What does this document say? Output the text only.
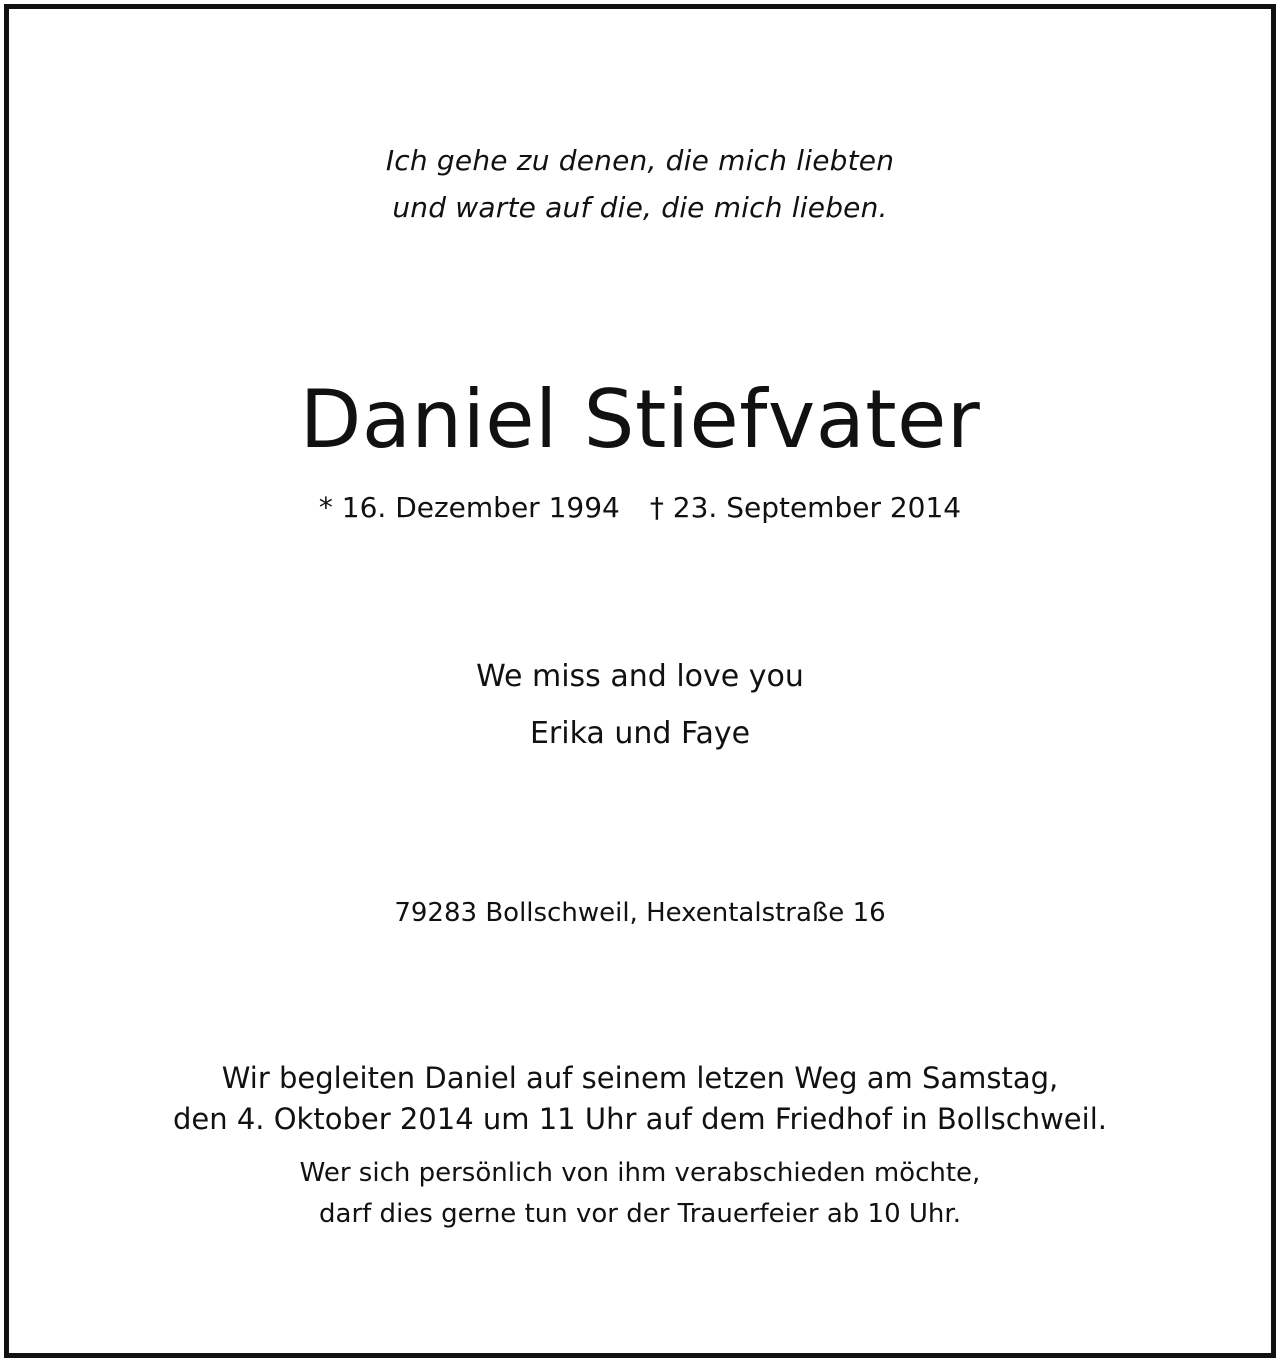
Ich gehe zu denen, die mich liebten
und warte auf die, die mich lieben.
Daniel Stiefvater
* 16. Dezember 1994 † 23. September 2014
We miss and love you
Erika und Faye
79283 Bollschweil, Hexentalstraße 16
Wir begleiten Daniel auf seinem letzen Weg am Samstag,
den 4. Oktober 2014 um 11 Uhr auf dem Friedhof in Bollschweil.
Wer sich persönlich von ihm verabschieden möchte,
darf dies gerne tun vor der Trauerfeier ab 10 Uhr.
